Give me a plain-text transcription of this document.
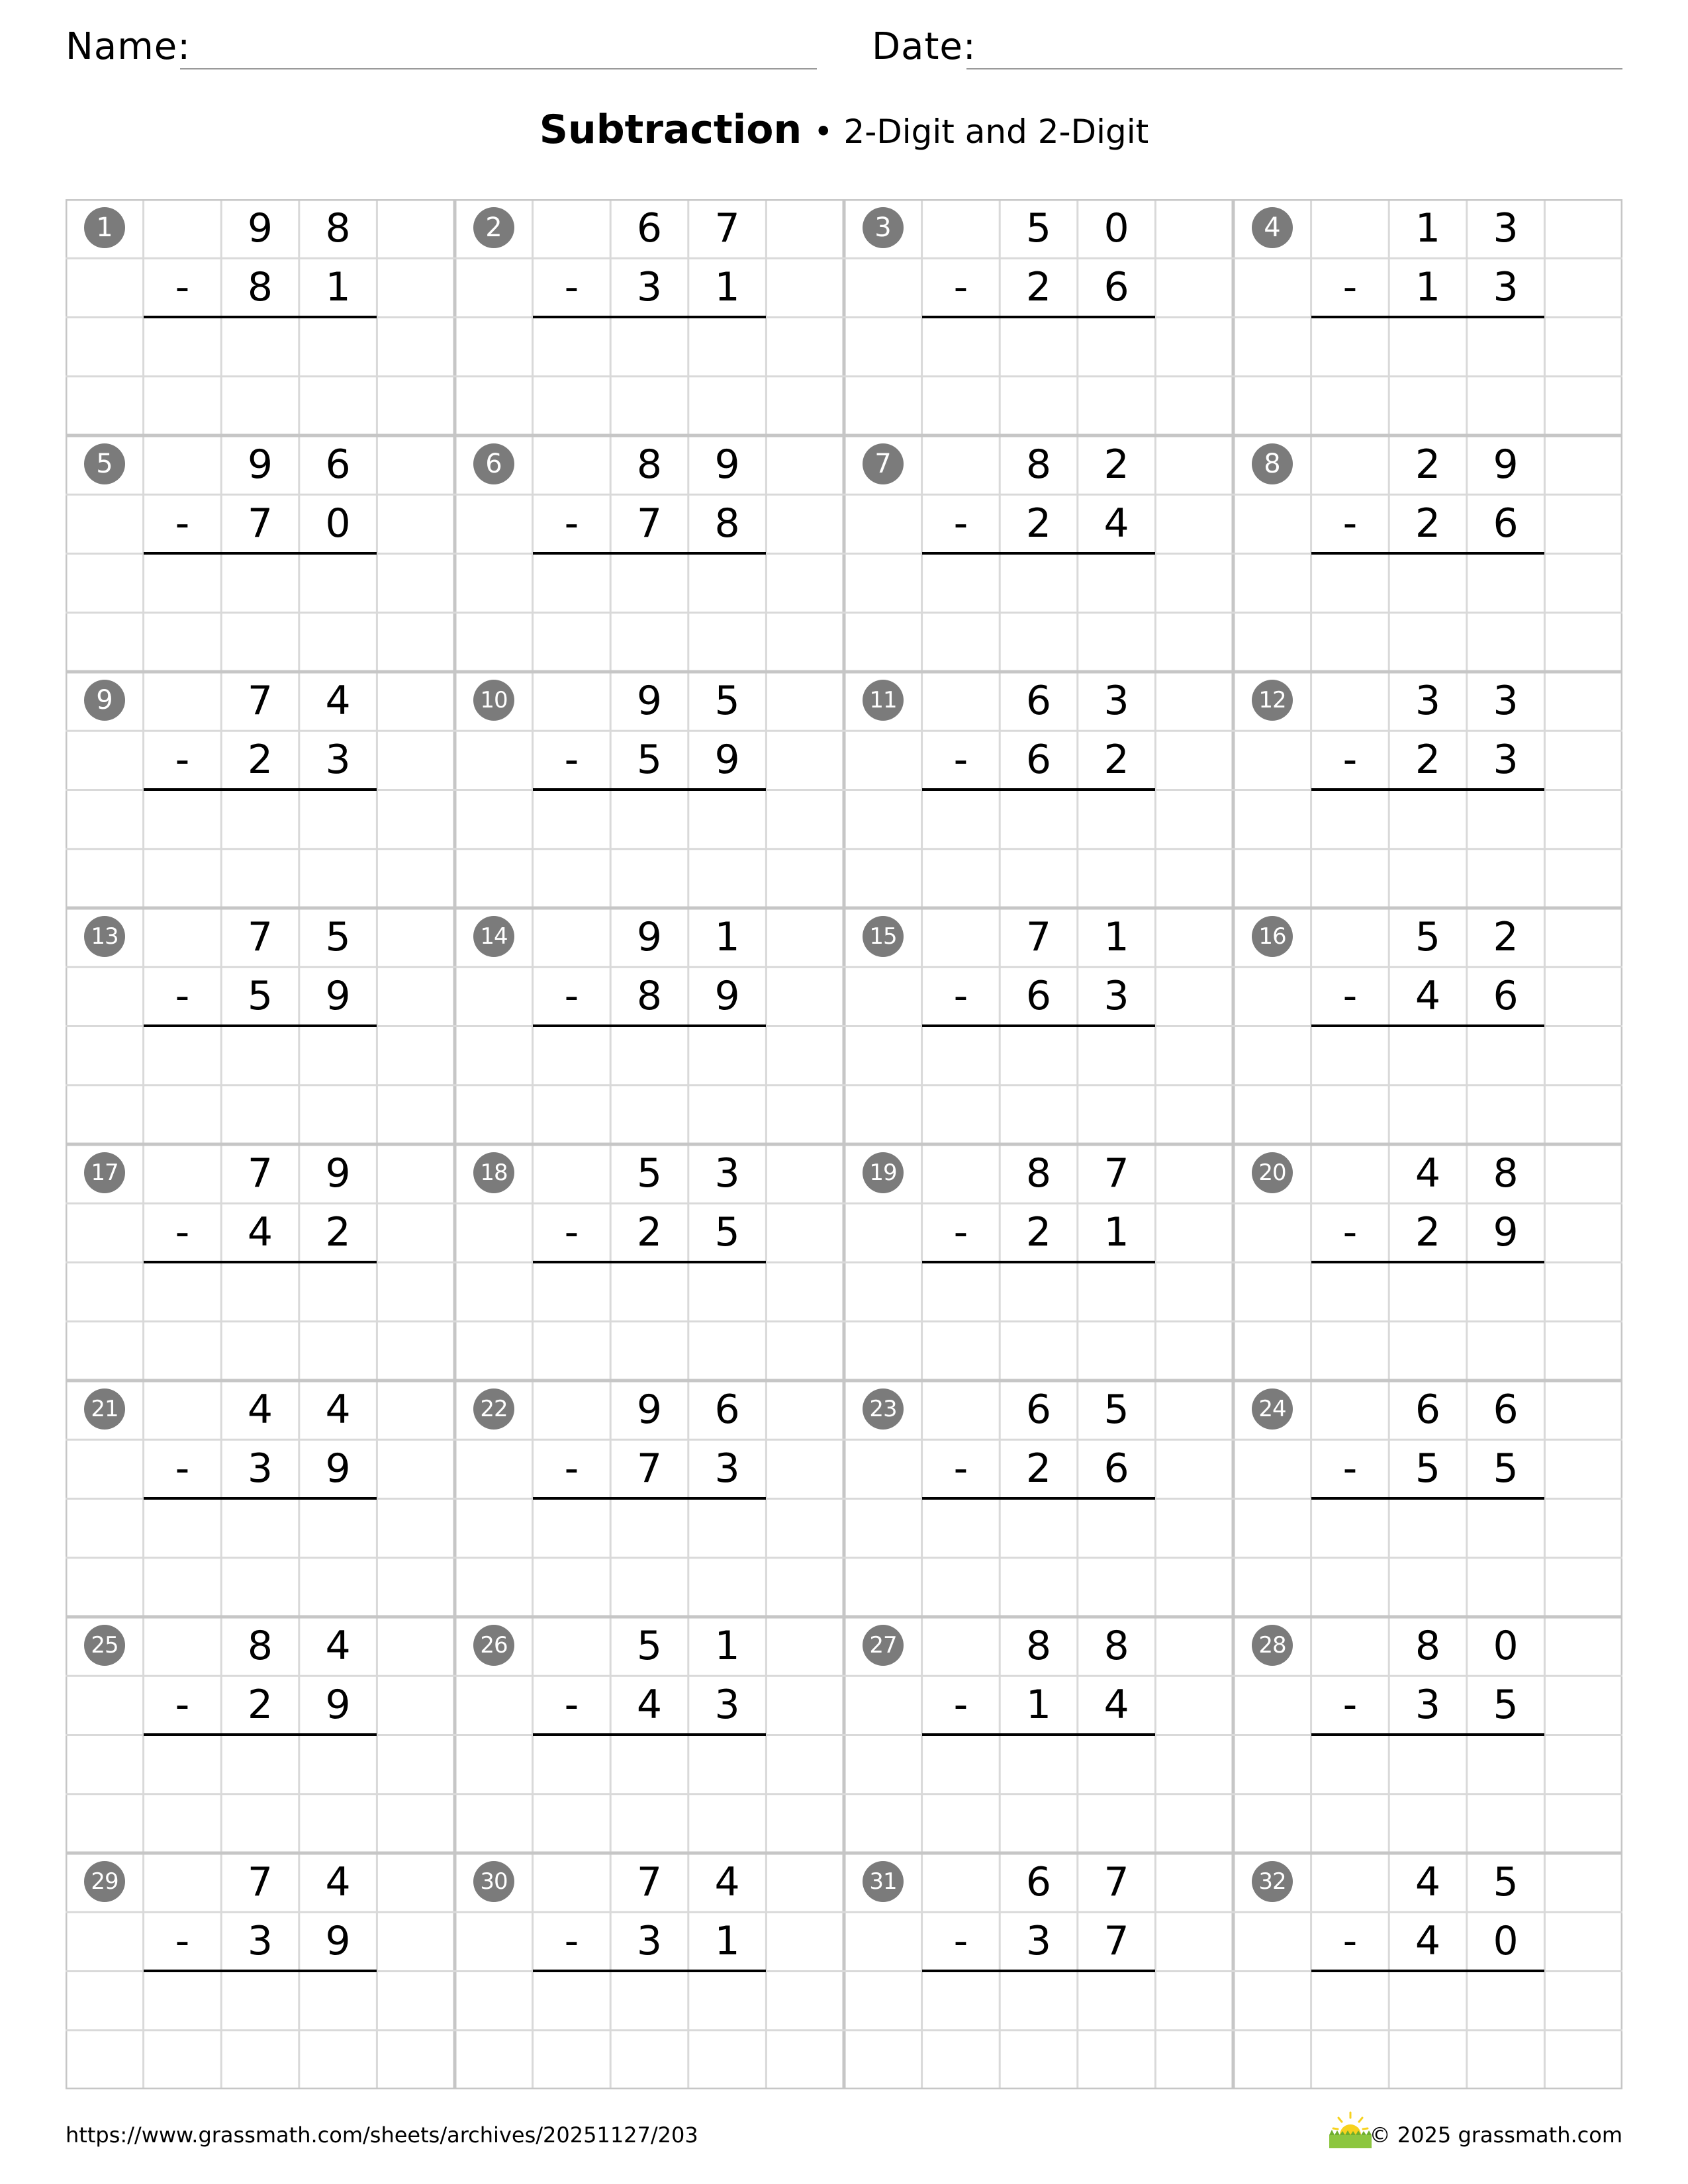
Name:	Date:
Subtraction • 2-Digit and 2-Digit
1	9	8
-	8	1
2	6	7
-	3	1
3	5	0
-	2	6
4	1	3
-	1	3
5	9	6
-	7	0
6	8	9
-	7	8
7	8	2
-	2	4
8	2	9
-	2	6
9	7	4
-	2	3
10	9	5
-	5	9
11	6	3
-	6	2
12	3	3
-	2	3
13	7	5
-	5	9
14	9	1
-	8	9
15	7	1
-	6	3
16	5	2
-	4	6
17	7	9
-	4	2
18	5	3
-	2	5
19	8	7
-	2	1
20	4	8
-	2	9
21	4	4
-	3	9
22	9	6
-	7	3
23	6	5
-	2	6
24	6	6
-	5	5
25	8	4
-	2	9
26	5	1
-	4	3
27	8	8
-	1	4
28	8	0
-	3	5
29	7	4
-	3	9
30	7	4
-	3	1
31	6	7
-	3	7
32	4	5
-	4	0
https://www.grassmath.com/sheets/archives/20251127/203	© 2025 grassmath.com
